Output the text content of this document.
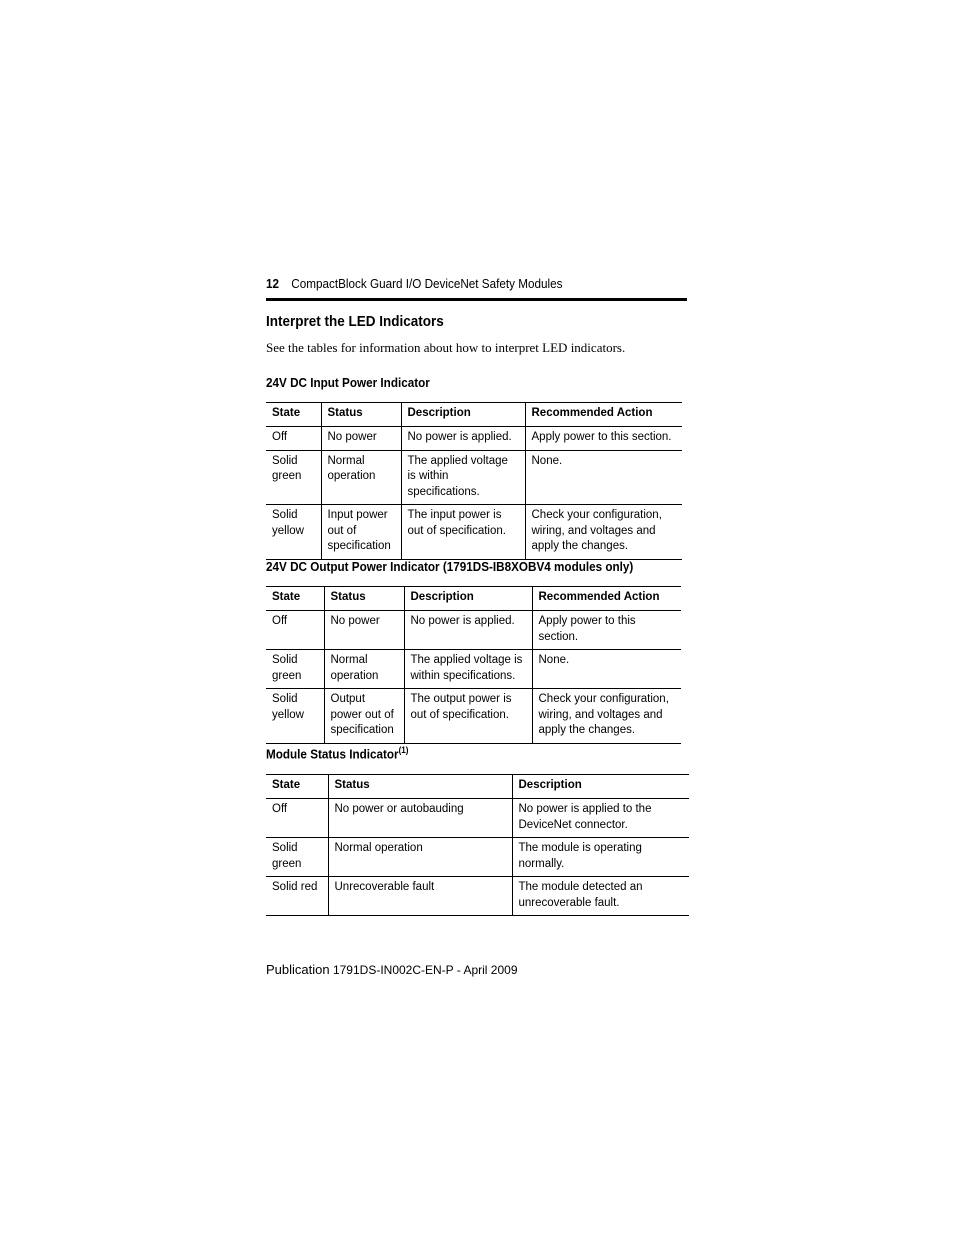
12 CompactBlock Guard I/O DeviceNet Safety Modules
Interpret the LED Indicators
See the tables for information about how to interpret LED indicators.
24V DC Input Power Indicator
State	Status	Description	Recommended Action
Off	No power	No power is applied.	Apply power to this section.
Solid green	Normal operation	The applied voltage is within specifications.	None.
Solid yellow	Input power out of specification	The input power is out of specification.	Check your configuration, wiring, and voltages and apply the changes.
24V DC Output Power Indicator (1791DS-IB8XOBV4 modules only)
State	Status	Description	Recommended Action
Off	No power	No power is applied.	Apply power to this section.
Solid green	Normal operation	The applied voltage is within specifications.	None.
Solid yellow	Output power out of specification	The output power is out of specification.	Check your configuration, wiring, and voltages and apply the changes.
Module Status Indicator$^{(1)}$
State	Status	Description
Off	No power or autobauding	No power is applied to the DeviceNet connector.
Solid green	Normal operation	The module is operating normally.
Solid red	Unrecoverable fault	The module detected an unrecoverable fault.
Publication 1791DS-IN002C-EN-P - April 2009
